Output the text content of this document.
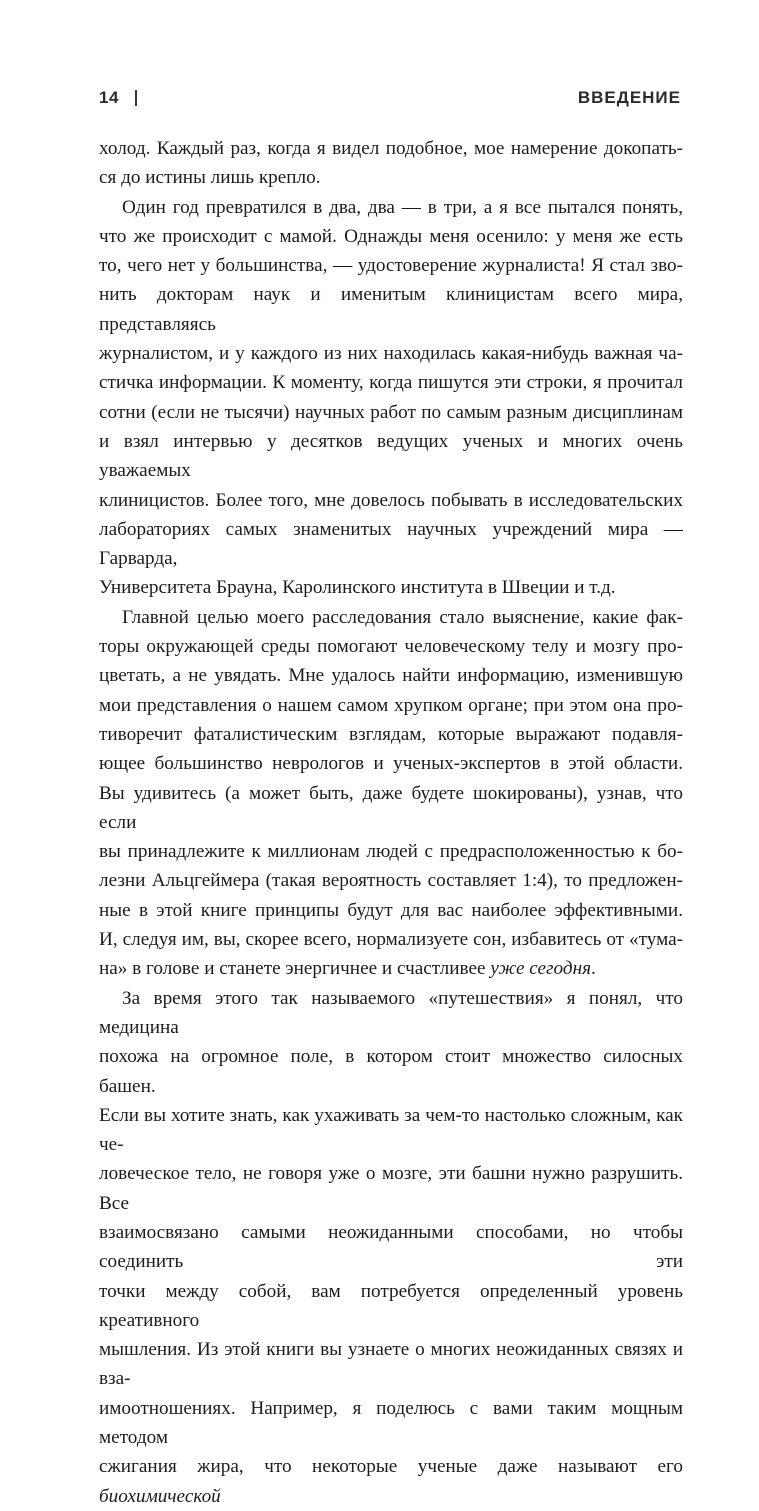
14	ВВЕДЕНИЕ

холод. Каждый раз, когда я видел подобное, мое намерение докопать-

ся до истины лишь крепло.

Один год превратился в два, два — в три, а я все пытался понять,

что же происходит с мамой. Однажды меня осенило: у меня же есть

то, чего нет у большинства, — удостоверение журналиста! Я стал зво-

нить докторам наук и именитым клиницистам всего мира, представляясь

журналистом, и у каждого из них находилась какая-нибудь важная ча-

стичка информации. К моменту, когда пишутся эти строки, я прочитал

сотни (если не тысячи) научных работ по самым разным дисциплинам

и взял интервью у десятков ведущих ученых и многих очень уважаемых

клиницистов. Более того, мне довелось побывать в исследовательских

лабораториях самых знаменитых научных учреждений мира — Гарварда,

Университета Брауна, Каролинского института в Швеции и т.д.

Главной целью моего расследования стало выяснение, какие фак-

торы окружающей среды помогают человеческому телу и мозгу про-

цветать, а не увядать. Мне удалось найти информацию, изменившую

мои представления о нашем самом хрупком органе; при этом она про-

тиворечит фаталистическим взглядам, которые выражают подавля-

ющее большинство неврологов и ученых-экспертов в этой области.

Вы удивитесь (а может быть, даже будете шокированы), узнав, что если

вы принадлежите к миллионам людей с предрасположенностью к бо-

лезни Альцгеймера (такая вероятность составляет 1:4), то предложен-

ные в этой книге принципы будут для вас наиболее эффективными.

И, следуя им, вы, скорее всего, нормализуете сон, избавитесь от «тума-

на» в голове и станете энергичнее и счастливее уже сегодня.

За время этого так называемого «путешествия» я понял, что медицина

похожа на огромное поле, в котором стоит множество силосных башен.

Если вы хотите знать, как ухаживать за чем-то настолько сложным, как че-

ловеческое тело, не говоря уже о мозге, эти башни нужно разрушить. Все

взаимосвязано самыми неожиданными способами, но чтобы соединить эти

точки между собой, вам потребуется определенный уровень креативного

мышления. Из этой книги вы узнаете о многих неожиданных связях и вза-

имоотношениях. Например, я поделюсь с вами таким мощным методом

сжигания жира, что некоторые ученые даже называют его биохимической
